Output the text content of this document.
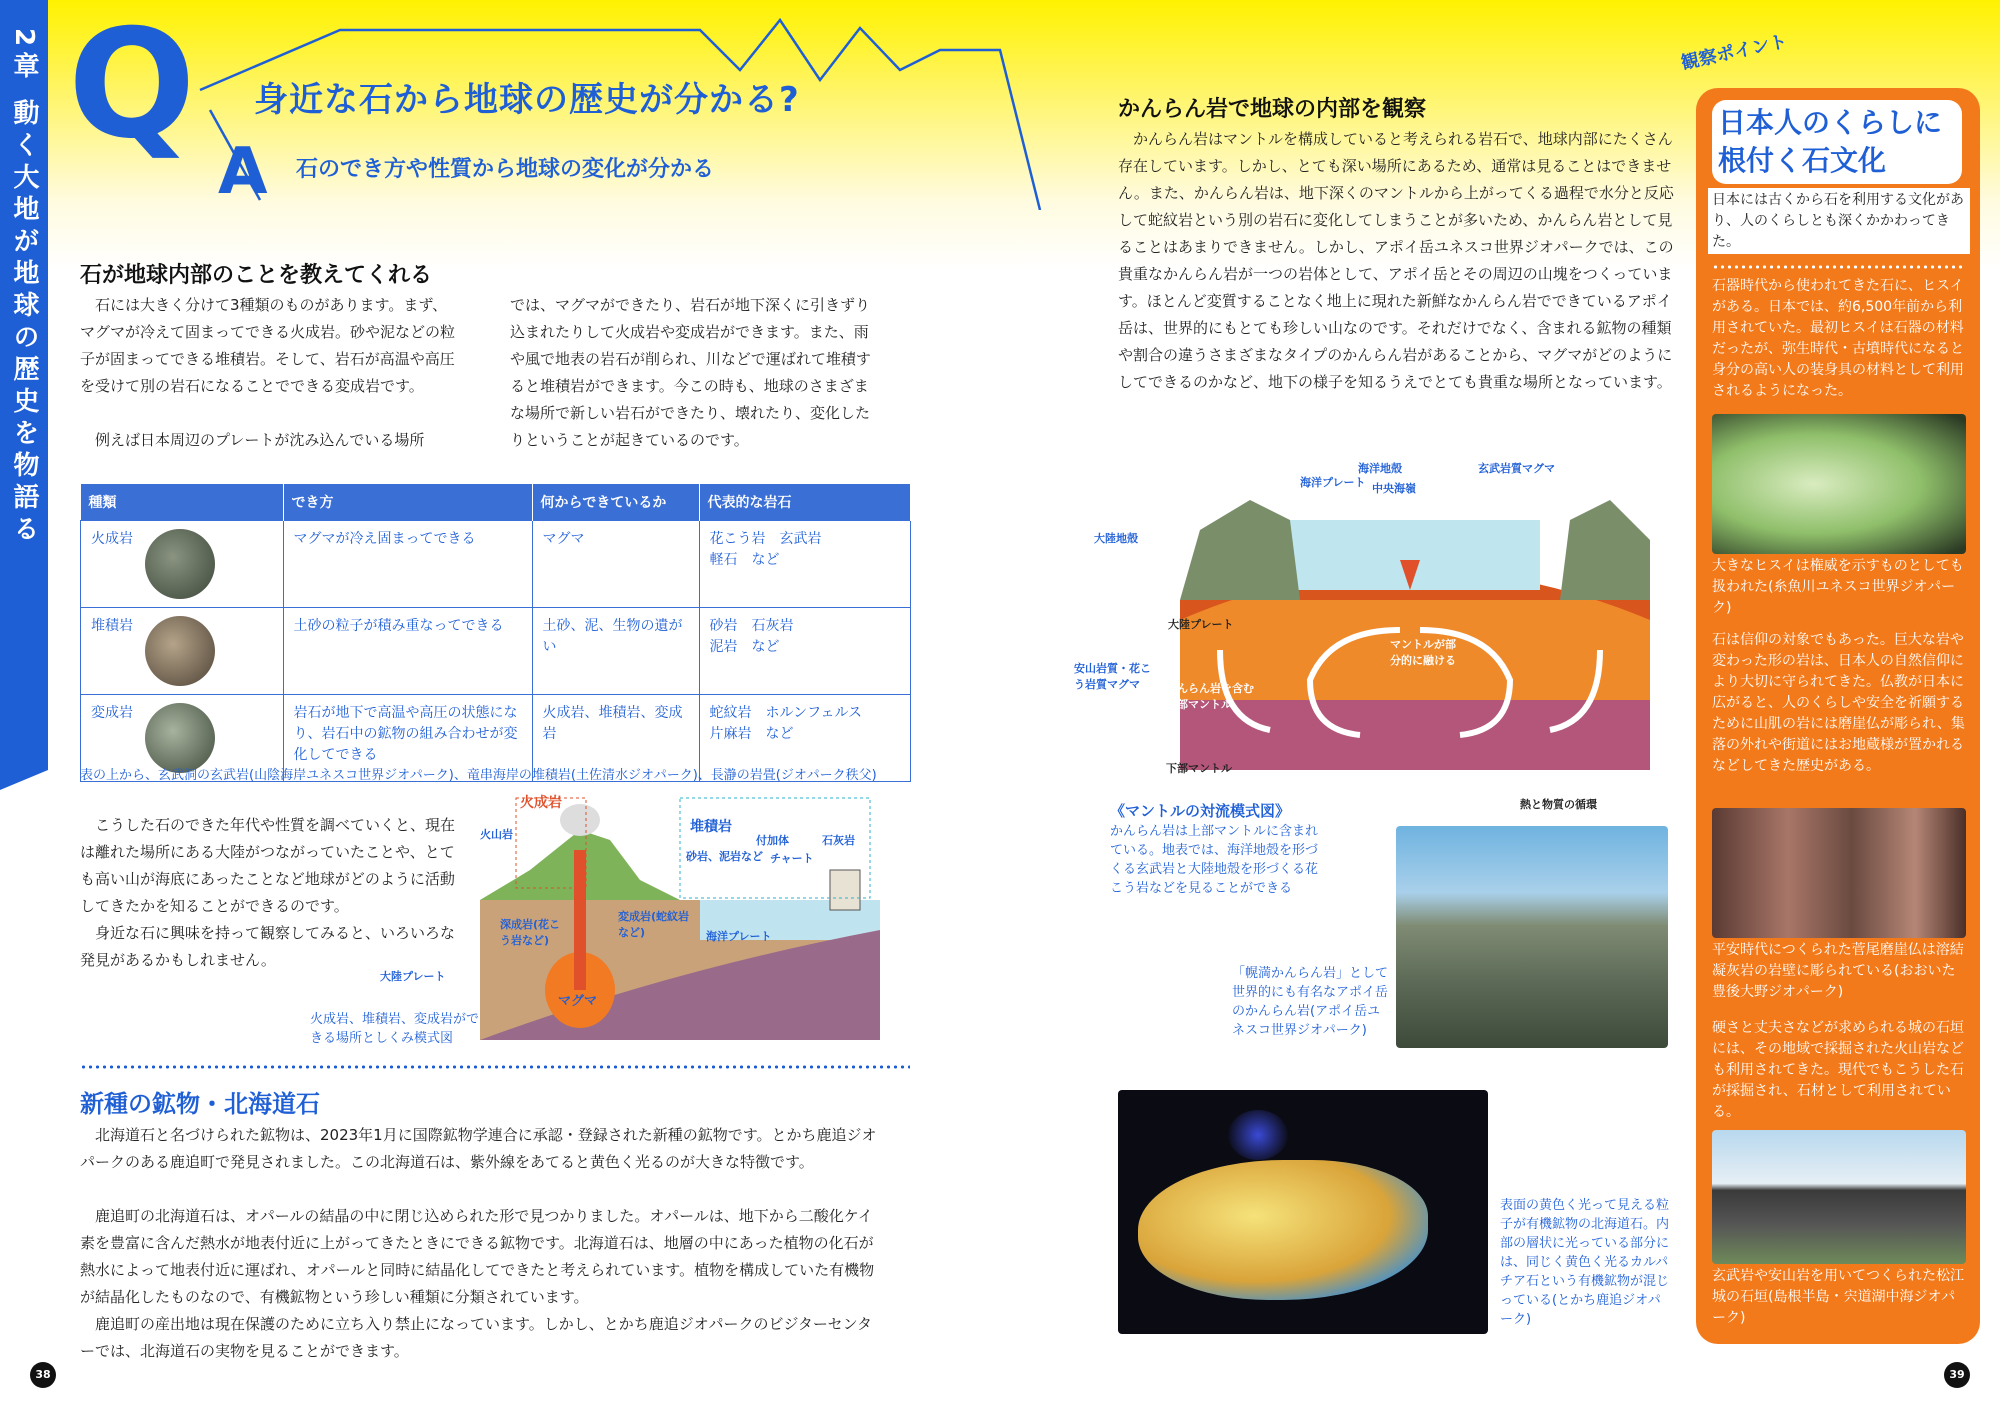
2章 動く大地が地球の歴史を物語る Q A
身近な石から地球の歴史が分かる?
石のでき方や性質から地球の変化が分かる
石が地球内部のことを教えてくれる
石には大きく分けて3種類のものがあります。まず、マグマが冷えて固まってできる火成岩。砂や泥などの粒子が固まってできる堆積岩。そして、岩石が高温や高圧を受けて別の岩石になることでできる変成岩です。
例えば日本周辺のプレートが沈み込んでいる場所
では、マグマができたり、岩石が地下深くに引きずり込まれたりして火成岩や変成岩ができます。また、雨や風で地表の岩石が削られ、川などで運ばれて堆積すると堆積岩ができます。今この時も、地球のさまざまな場所で新しい岩石ができたり、壊れたり、変化したりということが起きているのです。
種類	でき方	何からできているか	代表的な岩石
火成岩	マグマが冷え固まってできる	マグマ	花こう岩　玄武岩
軽石　など
堆積岩	土砂の粒子が積み重なってできる	土砂、泥、生物の遺がい	砂岩　石灰岩
泥岩　など
変成岩	岩石が地下で高温や高圧の状態になり、岩石中の鉱物の組み合わせが変化してできる	火成岩、堆積岩、変成岩	蛇紋岩　ホルンフェルス
片麻岩　など
表の上から、玄武洞の玄武岩(山陰海岸ユネスコ世界ジオパーク)、竜串海岸の堆積岩(土佐清水ジオパーク)、長瀞の岩畳(ジオパーク秩父)
こうした石のできた年代や性質を調べていくと、現在は離れた場所にある大陸がつながっていたことや、とても高い山が海底にあったことなど地球がどのように活動してきたかを知ることができるのです。
身近な石に興味を持って観察してみると、いろいろな発見があるかもしれません。
火成岩
堆積岩
火山岩
砂岩、泥岩など
付加体
チャート
石灰岩
深成岩(花こう岩など)
変成岩(蛇紋岩など)	海洋プレート
大陸プレート
マグマ
火成岩、堆積岩、変成岩ができる場所としくみ模式図
新種の鉱物・北海道石
北海道石と名づけられた鉱物は、2023年1月に国際鉱物学連合に承認・登録された新種の鉱物です。とかち鹿追ジオパークのある鹿追町で発見されました。この北海道石は、紫外線をあてると黄色く光るのが大きな特徴です。
鹿追町の北海道石は、オパールの結晶の中に閉じ込められた形で見つかりました。オパールは、地下から二酸化ケイ素を豊富に含んだ熱水が地表付近に上がってきたときにできる鉱物です。北海道石は、地層の中にあった植物の化石が熱水によって地表付近に運ばれ、オパールと同時に結晶化してできたと考えられています。植物を構成していた有機物が結晶化したものなので、有機鉱物という珍しい種類に分類されています。
鹿追町の産出地は現在保護のために立ち入り禁止になっています。しかし、とかち鹿追ジオパークのビジターセンターでは、北海道石の実物を見ることができます。
表面の黄色く光って見える粒子が有機鉱物の北海道石。内部の層状に光っている部分には、同じく黄色く光るカルパチア石という有機鉱物が混じっている(とかち鹿追ジオパーク)
かんらん岩で地球の内部を観察
かんらん岩はマントルを構成していると考えられる岩石で、地球内部にたくさん存在しています。しかし、とても深い場所にあるため、通常は見ることはできません。また、かんらん岩は、地下深くのマントルから上がってくる過程で水分と反応して蛇紋岩という別の岩石に変化してしまうことが多いため、かんらん岩として見ることはあまりできません。しかし、アポイ岳ユネスコ世界ジオパークでは、この貴重なかんらん岩が一つの岩体として、アポイ岳とその周辺の山塊をつくっています。ほとんど変質することなく地上に現れた新鮮なかんらん岩でできているアポイ岳は、世界的にもとても珍しい山なのです。それだけでなく、含まれる鉱物の種類や割合の違うさまざまなタイプのかんらん岩があることから、マグマがどのようにしてできるのかなど、地下の様子を知るうえでとても貴重な場所となっています。
海洋プレート
海洋地殻
中央海嶺
玄武岩質マグマ
大陸地殻
大陸プレート
安山岩質・花こう岩質マグマ	かんらん岩を含む上部マントル
下部マントル
マントルが部分的に融ける
熱と物質の循環
《マントルの対流模式図》
かんらん岩は上部マントルに含まれている。地表では、海洋地殻を形づくる玄武岩と大陸地殻を形づくる花こう岩などを見ることができる
「幌満かんらん岩」として世界的にも有名なアポイ岳のかんらん岩(アポイ岳ユネスコ世界ジオパーク)
観察ポイント
日本人のくらしに根付く石文化
日本には古くから石を利用する文化があり、人のくらしとも深くかかわってきた。
石器時代から使われてきた石に、ヒスイがある。日本では、約6,500年前から利用されていた。最初ヒスイは石器の材料だったが、弥生時代・古墳時代になると身分の高い人の装身具の材料として利用されるようになった。
大きなヒスイは権威を示すものとしても扱われた(糸魚川ユネスコ世界ジオパーク)
石は信仰の対象でもあった。巨大な岩や変わった形の岩は、日本人の自然信仰により大切に守られてきた。仏教が日本に広がると、人のくらしや安全を祈願するために山肌の岩には磨崖仏が彫られ、集落の外れや街道にはお地蔵様が置かれるなどしてきた歴史がある。
平安時代につくられた菅尾磨崖仏は溶結凝灰岩の岩壁に彫られている(おおいた豊後大野ジオパーク)
硬さと丈夫さなどが求められる城の石垣には、その地域で採掘された火山岩なども利用されてきた。現代でもこうした石が採掘され、石材として利用されている。
玄武岩や安山岩を用いてつくられた松江城の石垣(島根半島・宍道湖中海ジオパーク)
38	39
